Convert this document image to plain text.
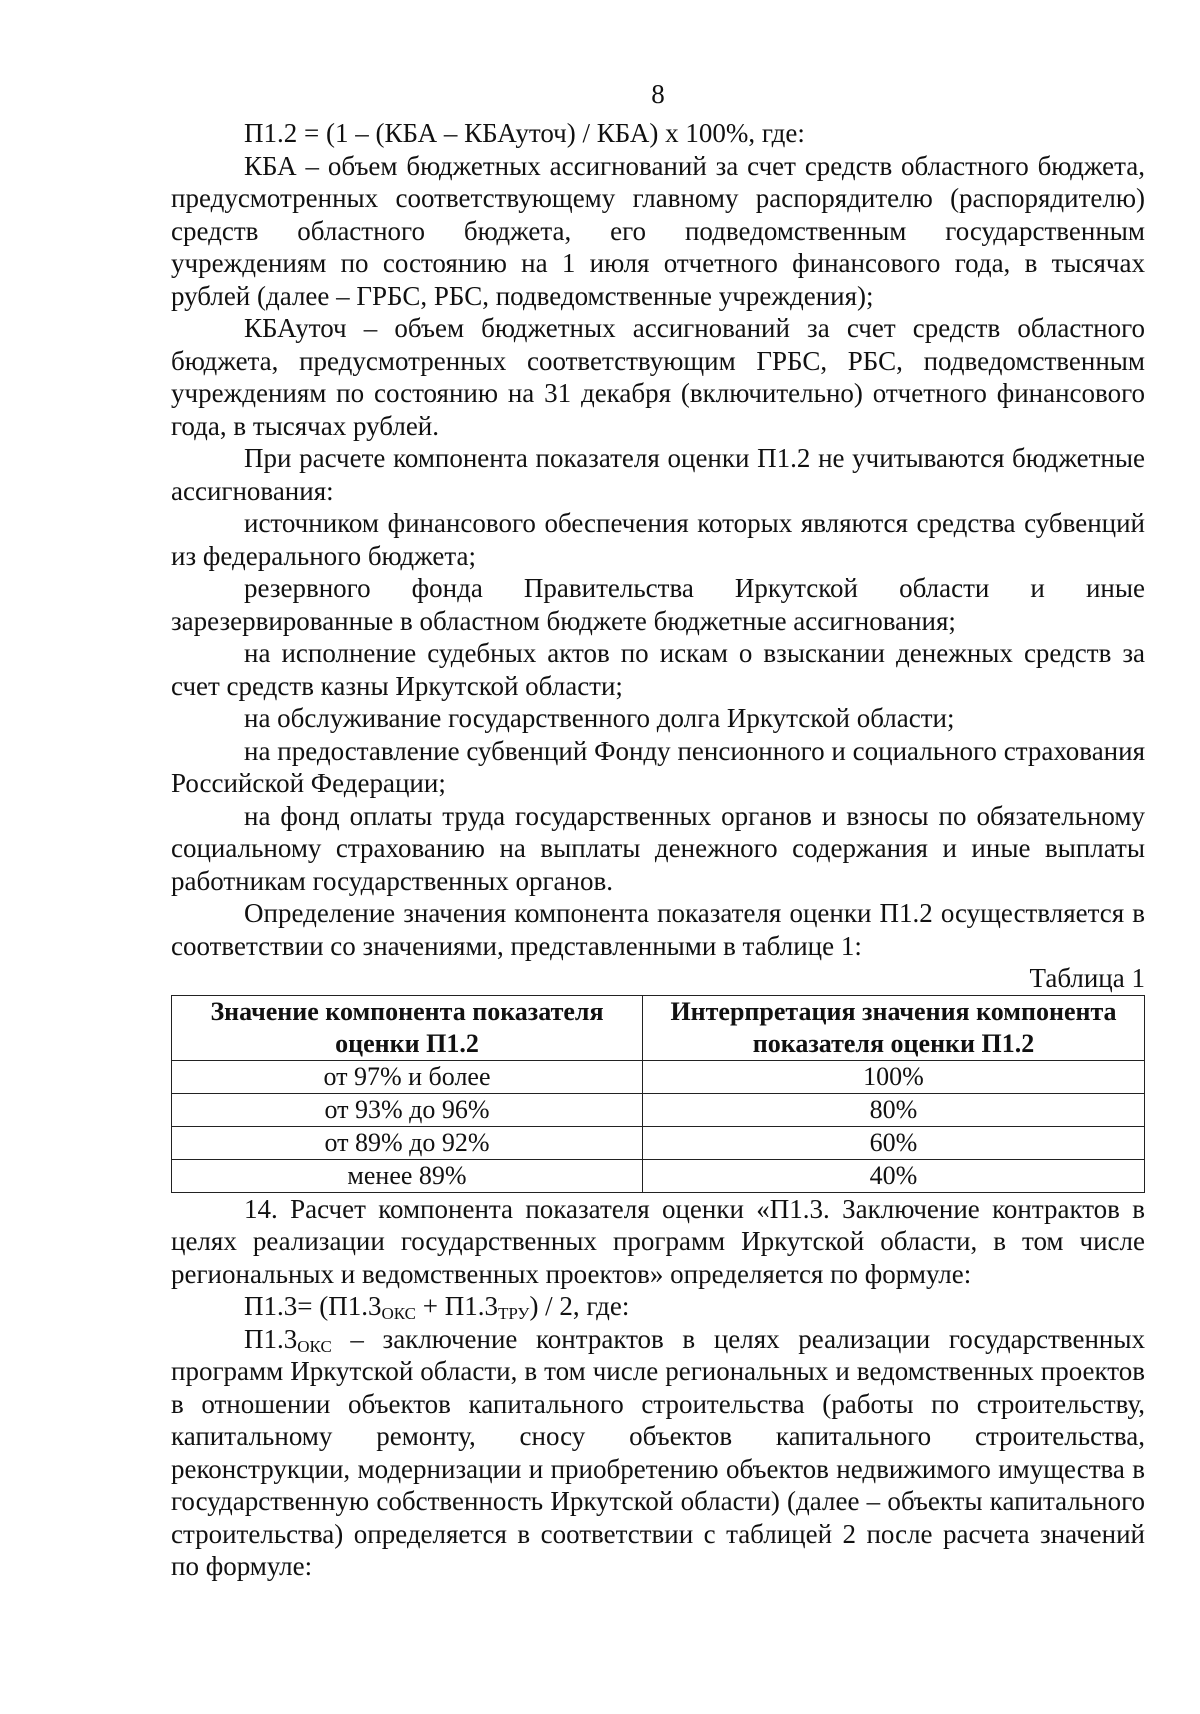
8

П1.2 = (1 – (КБА – КБАуточ) / КБА) х 100%, где:

КБА – объем бюджетных ассигнований за счет средств областного бюджета, предусмотренных соответствующему главному распорядителю (распорядителю) средств областного бюджета, его подведомственным государственным учреждениям по состоянию на 1 июля отчетного финансового года, в тысячах рублей (далее – ГРБС, РБС, подведомственные учреждения);

КБАуточ – объем бюджетных ассигнований за счет средств областного бюджета, предусмотренных соответствующим ГРБС, РБС, подведомственным учреждениям по состоянию на 31 декабря (включительно) отчетного финансового года, в тысячах рублей.

При расчете компонента показателя оценки П1.2 не учитываются бюджетные ассигнования:

источником финансового обеспечения которых являются средства субвенций из федерального бюджета;

резервного фонда Правительства Иркутской области и иные зарезервированные в областном бюджете бюджетные ассигнования;

на исполнение судебных актов по искам о взыскании денежных средств за счет средств казны Иркутской области;

на обслуживание государственного долга Иркутской области;

на предоставление субвенций Фонду пенсионного и социального страхования Российской Федерации;

на фонд оплаты труда государственных органов и взносы по обязательному социальному страхованию на выплаты денежного содержания и иные выплаты работникам государственных органов.

Определение значения компонента показателя оценки П1.2 осуществляется в соответствии со значениями, представленными в таблице 1:

Таблица 1

Значение компонента показателя оценки П1.2	Интерпретация значения компонента показателя оценки П1.2
от 97% и более	100%
от 93% до 96%	80%
от 89% до 92%	60%
менее 89%	40%

14. Расчет компонента показателя оценки «П1.3. Заключение контрактов в целях реализации государственных программ Иркутской области, в том числе региональных и ведомственных проектов» определяется по формуле:

$П1.3= (П1.3_{ОКС} + П1.3_{ТРУ}) / 2$, где:

$П1.3_{ОКС}$ – заключение контрактов в целях реализации государственных программ Иркутской области, в том числе региональных и ведомственных проектов в отношении объектов капитального строительства (работы по строительству, капитальному ремонту, сносу объектов капитального строительства, реконструкции, модернизации и приобретению объектов недвижимого имущества в государственную собственность Иркутской области) (далее – объекты капитального строительства) определяется в соответствии с таблицей 2 после расчета значений по формуле:
